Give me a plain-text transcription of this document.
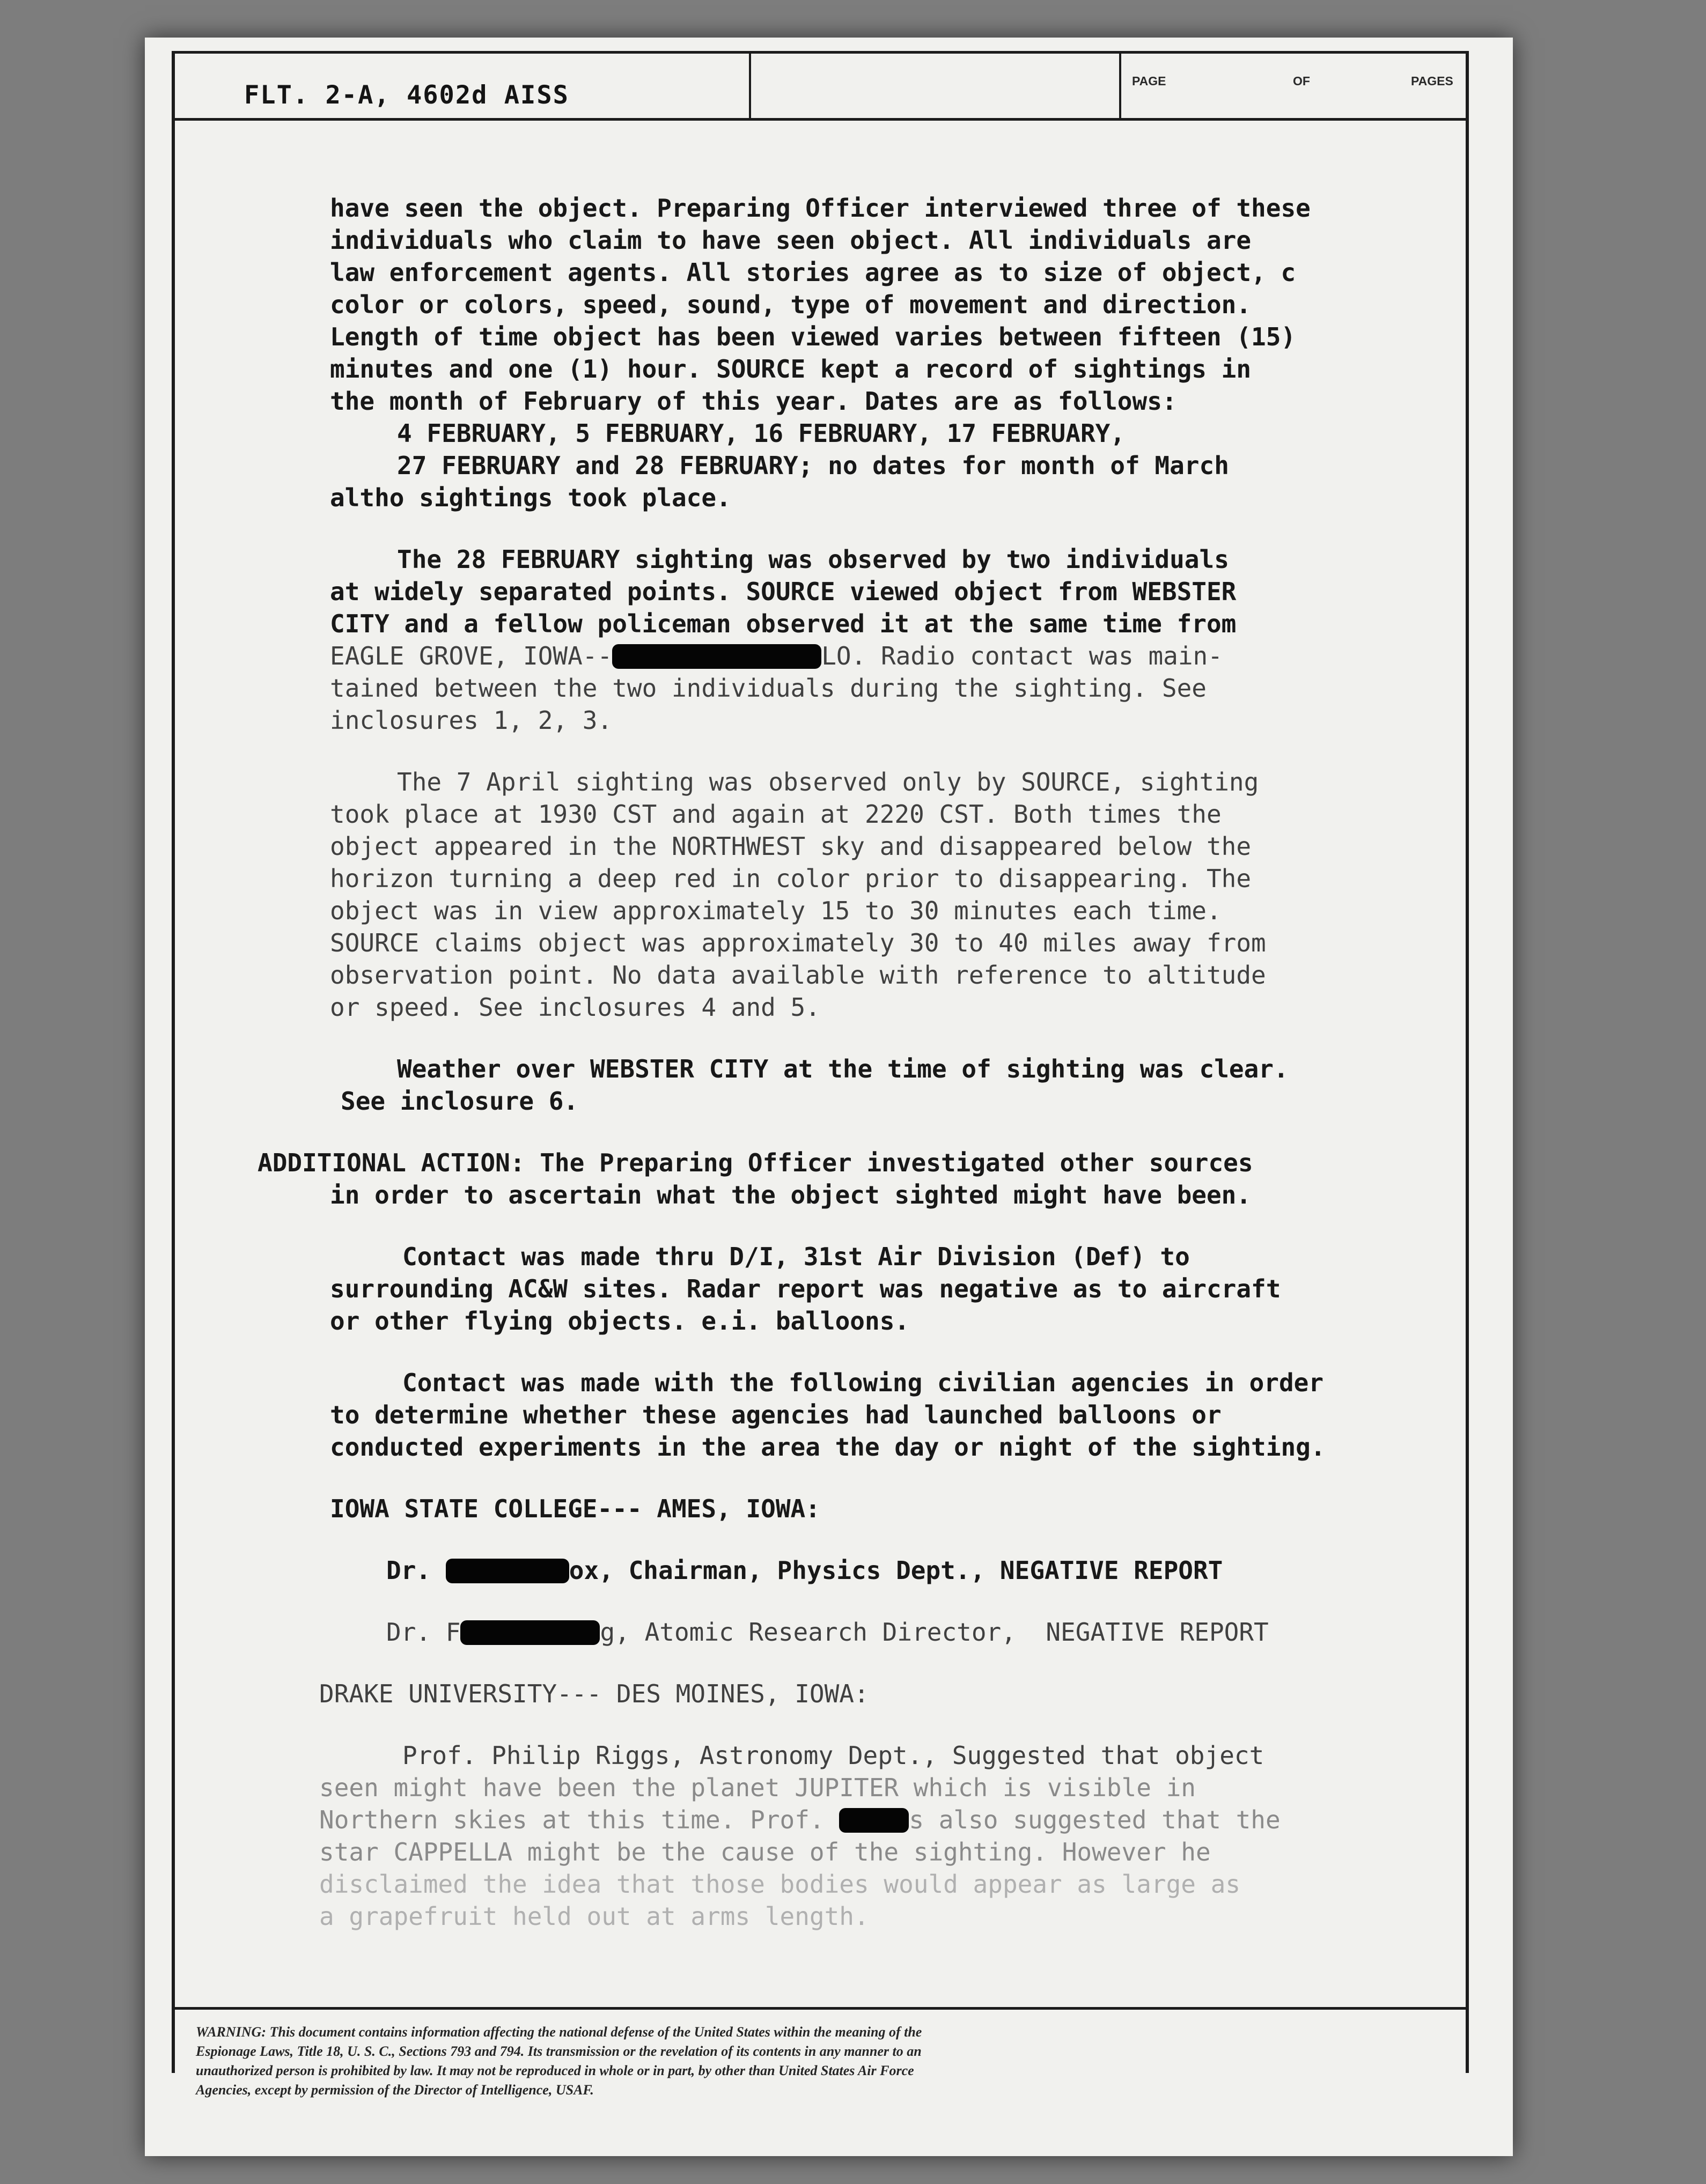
FLT. 2-A, 4602d AISS	PAGE	OF	PAGES
have seen the object. Preparing Officer interviewed three of these
individuals who claim to have seen object. All individuals are
law enforcement agents. All stories agree as to size of object, c
color or colors, speed, sound, type of movement and direction.
Length of time object has been viewed varies between fifteen (15)
minutes and one (1) hour. SOURCE kept a record of sightings in
the month of February of this year. Dates are as follows:
4 FEBRUARY, 5 FEBRUARY, 16 FEBRUARY, 17 FEBRUARY,
27 FEBRUARY and 28 FEBRUARY; no dates for month of March
altho sightings took place.
The 28 FEBRUARY sighting was observed by two individuals
at widely separated points. SOURCE viewed object from WEBSTER
CITY and a fellow policeman observed it at the same time from
EAGLE GROVE, IOWA--	LO. Radio contact was main-
tained between the two individuals during the sighting. See
inclosures 1, 2, 3.
The 7 April sighting was observed only by SOURCE, sighting
took place at 1930 CST and again at 2220 CST. Both times the
object appeared in the NORTHWEST sky and disappeared below the
horizon turning a deep red in color prior to disappearing. The
object was in view approximately 15 to 30 minutes each time.
SOURCE claims object was approximately 30 to 40 miles away from
observation point. No data available with reference to altitude
or speed. See inclosures 4 and 5.
Weather over WEBSTER CITY at the time of sighting was clear.
See inclosure 6.
ADDITIONAL ACTION: The Preparing Officer investigated other sources
in order to ascertain what the object sighted might have been.
Contact was made thru D/I, 31st Air Division (Def) to
surrounding AC&W sites. Radar report was negative as to aircraft
or other flying objects. e.i. balloons.
Contact was made with the following civilian agencies in order
to determine whether these agencies had launched balloons or
conducted experiments in the area the day or night of the sighting.
IOWA STATE COLLEGE--- AMES, IOWA:
Dr.	ox, Chairman, Physics Dept., NEGATIVE REPORT
Dr. F	g, Atomic Research Director,  NEGATIVE REPORT
DRAKE UNIVERSITY--- DES MOINES, IOWA:
Prof. Philip Riggs, Astronomy Dept., Suggested that object
seen might have been the planet JUPITER which is visible in
Northern skies at this time. Prof.	s also suggested that the
star CAPPELLA might be the cause of the sighting. However he
disclaimed the idea that those bodies would appear as large as
a grapefruit held out at arms length.
WARNING: This document contains information affecting the national defense of the United States within the meaning of the
Espionage Laws, Title 18, U. S. C., Sections 793 and 794. Its transmission or the revelation of its contents in any manner to an
unauthorized person is prohibited by law. It may not be reproduced in whole or in part, by other than United States Air Force
Agencies, except by permission of the Director of Intelligence, USAF.
